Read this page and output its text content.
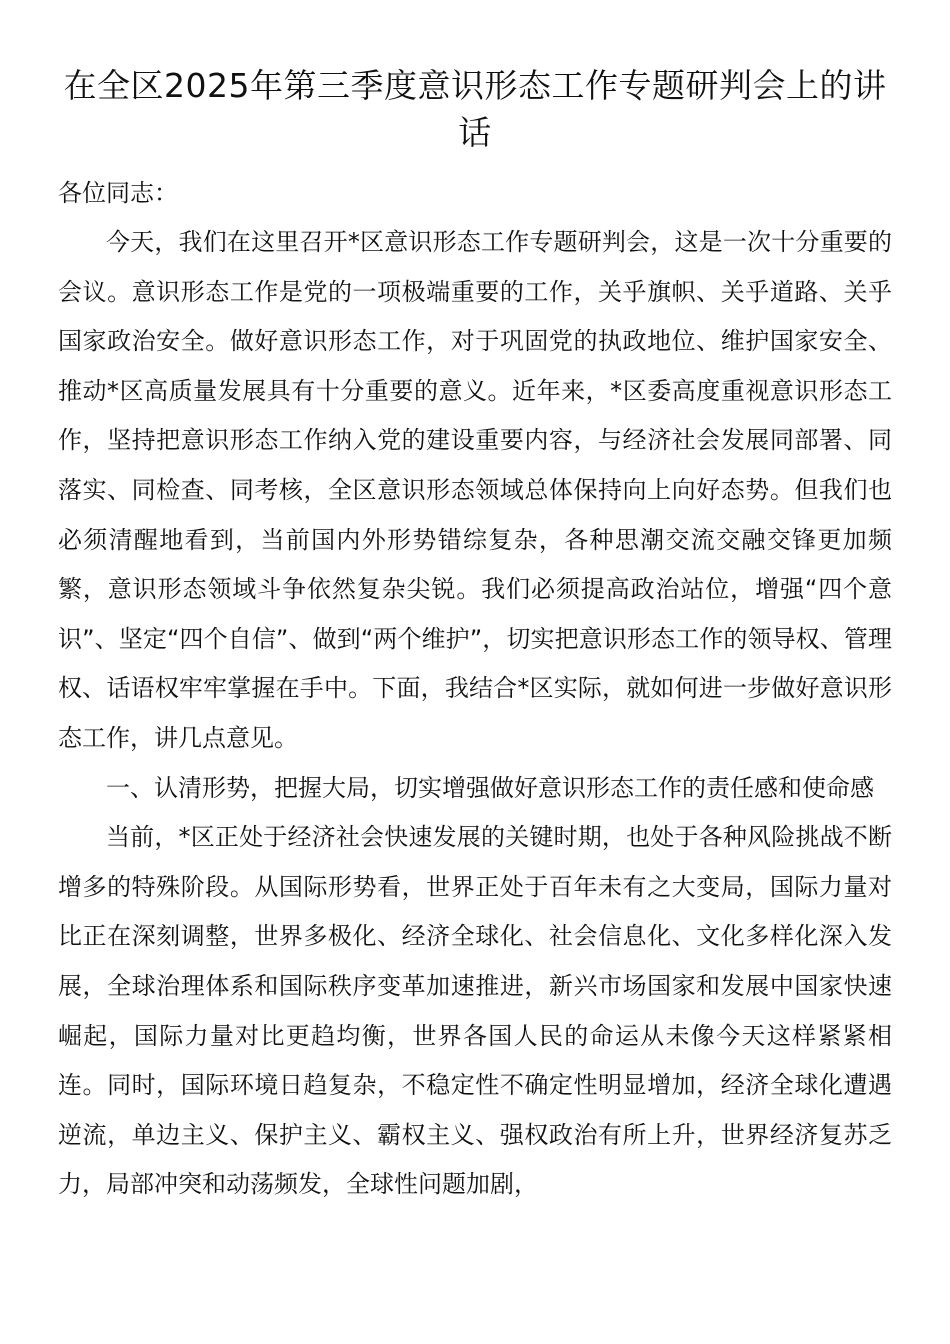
在全区2025年第三季度意识形态工作专题研判会上的讲话

各位同志：

今天，我们在这里召开*区意识形态工作专题研判会，这是一次十分重要的会议。意识形态工作是党的一项极端重要的工作，关乎旗帜、关乎道路、关乎国家政治安全。做好意识形态工作，对于巩固党的执政地位、维护国家安全、推动*区高质量发展具有十分重要的意义。近年来，*区委高度重视意识形态工作，坚持把意识形态工作纳入党的建设重要内容，与经济社会发展同部署、同落实、同检查、同考核，全区意识形态领域总体保持向上向好态势。但我们也必须清醒地看到，当前国内外形势错综复杂，各种思潮交流交融交锋更加频繁，意识形态领域斗争依然复杂尖锐。我们必须提高政治站位，增强“四个意识”、坚定“四个自信”、做到“两个维护”，切实把意识形态工作的领导权、管理权、话语权牢牢掌握在手中。下面，我结合*区实际，就如何进一步做好意识形态工作，讲几点意见。

一、认清形势，把握大局，切实增强做好意识形态工作的责任感和使命感

当前，*区正处于经济社会快速发展的关键时期，也处于各种风险挑战不断增多的特殊阶段。从国际形势看，世界正处于百年未有之大变局，国际力量对比正在深刻调整，世界多极化、经济全球化、社会信息化、文化多样化深入发展，全球治理体系和国际秩序变革加速推进，新兴市场国家和发展中国家快速崛起，国际力量对比更趋均衡，世界各国人民的命运从未像今天这样紧紧相连。同时，国际环境日趋复杂，不稳定性不确定性明显增加，经济全球化遭遇逆流，单边主义、保护主义、霸权主义、强权政治有所上升，世界经济复苏乏力，局部冲突和动荡频发，全球性问题加剧，
